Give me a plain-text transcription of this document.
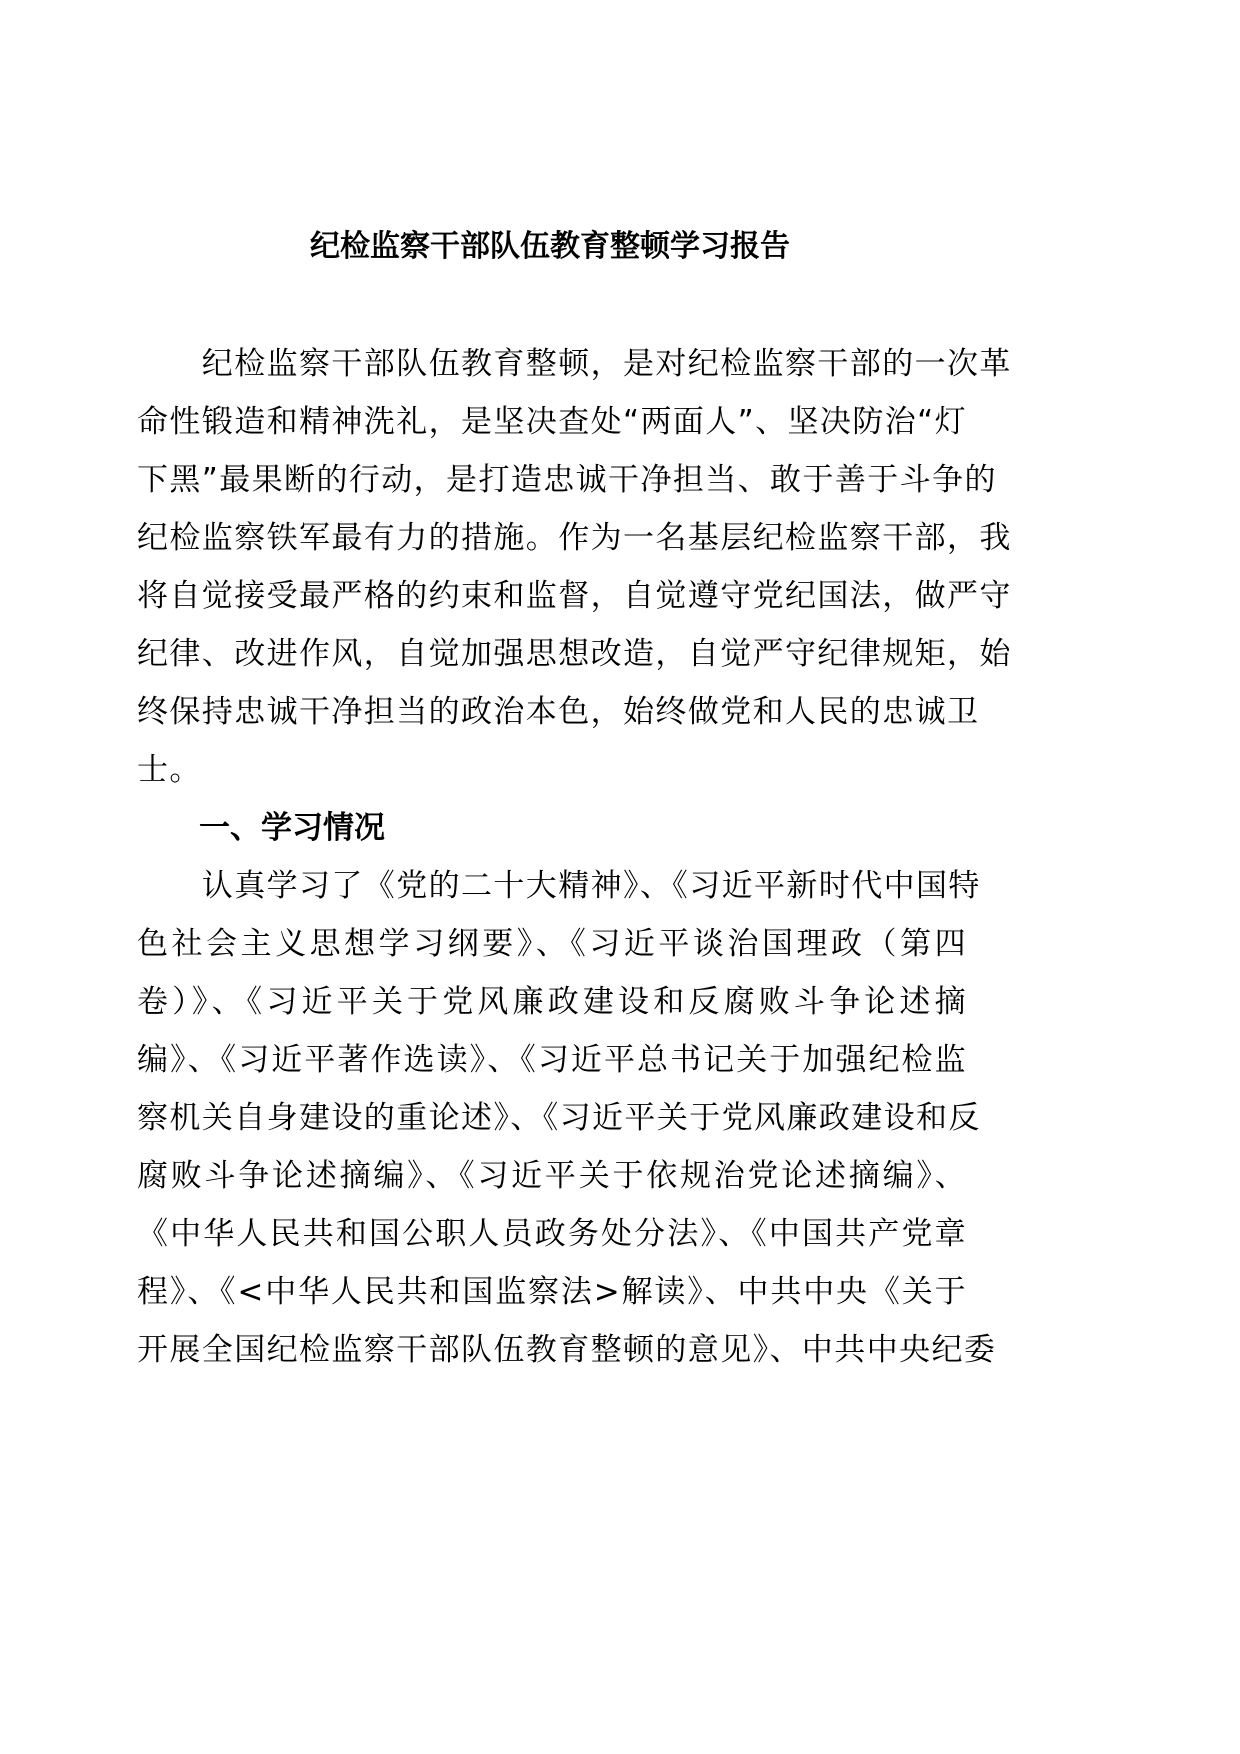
纪检监察干部队伍教育整顿学习报告
　　纪检监察干部队伍教育整顿，是对纪检监察干部的一次革
命性锻造和精神洗礼，是坚决查处“两面人”、坚决防治“灯
下黑”最果断的行动，是打造忠诚干净担当、敢于善于斗争的
纪检监察铁军最有力的措施。作为一名基层纪检监察干部，我
将自觉接受最严格的约束和监督，自觉遵守党纪国法，做严守
纪律、改进作风，自觉加强思想改造，自觉严守纪律规矩，始
终保持忠诚干净担当的政治本色，始终做党和人民的忠诚卫
士。
一、学习情况
　　认真学习了《党的二十大精神》、《习近平新时代中国特
色社会主义思想学习纲要》、《习近平谈治国理政（第四
卷）》、《习近平关于党风廉政建设和反腐败斗争论述摘
编》、《习近平著作选读》、《习近平总书记关于加强纪检监
察机关自身建设的重论述》、《习近平关于党风廉政建设和反
腐败斗争论述摘编》、《习近平关于依规治党论述摘编》、
《中华人民共和国公职人员政务处分法》、《中国共产党章
程》、《<中华人民共和国监察法>解读》、中共中央《关于
开展全国纪检监察干部队伍教育整顿的意见》、中共中央纪委
